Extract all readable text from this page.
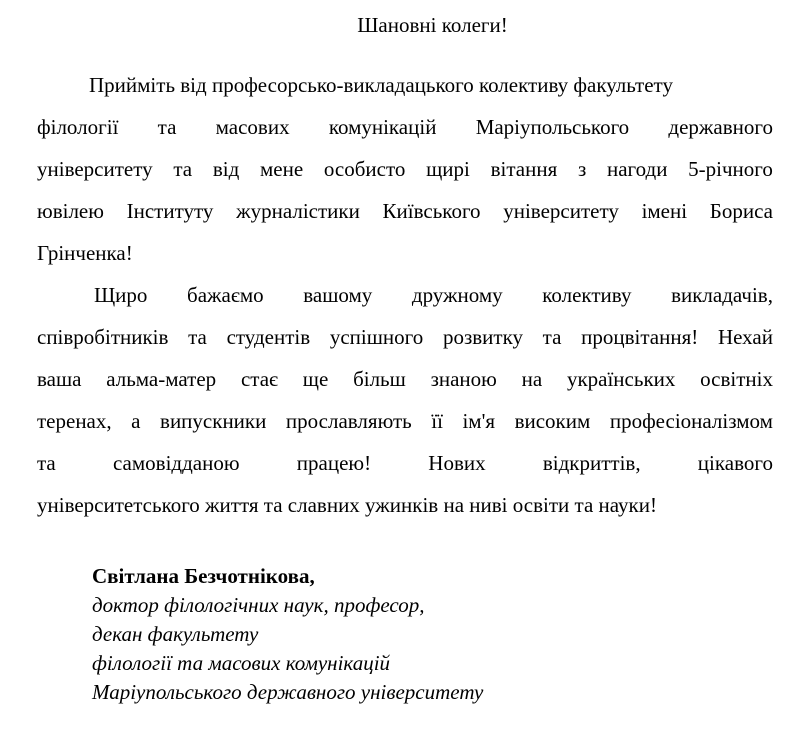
Шановні колеги!
Прийміть від професорсько-викладацького колективу факультету
філології та масових комунікацій Маріупольського державного
університету та від мене особисто щирі вітання з нагоди 5-річного
ювілею Інституту журналістики Київського університету імені Бориса
Грінченка!
Щиро бажаємо вашому дружному колективу викладачів,
співробітників та студентів успішного розвитку та процвітання! Нехай
ваша альма-матер стає ще більш знаною на українських освітніх
теренах, а випускники прославляють її ім'я високим професіоналізмом
та	самовідданою	працею!	Нових	відкриттів,	цікавого
університетського життя та славних ужинків на ниві освіти та науки!
Світлана Безчотнікова,
доктор філологічних наук, професор,
декан факультету
філології та масових комунікацій
Маріупольського державного університету
